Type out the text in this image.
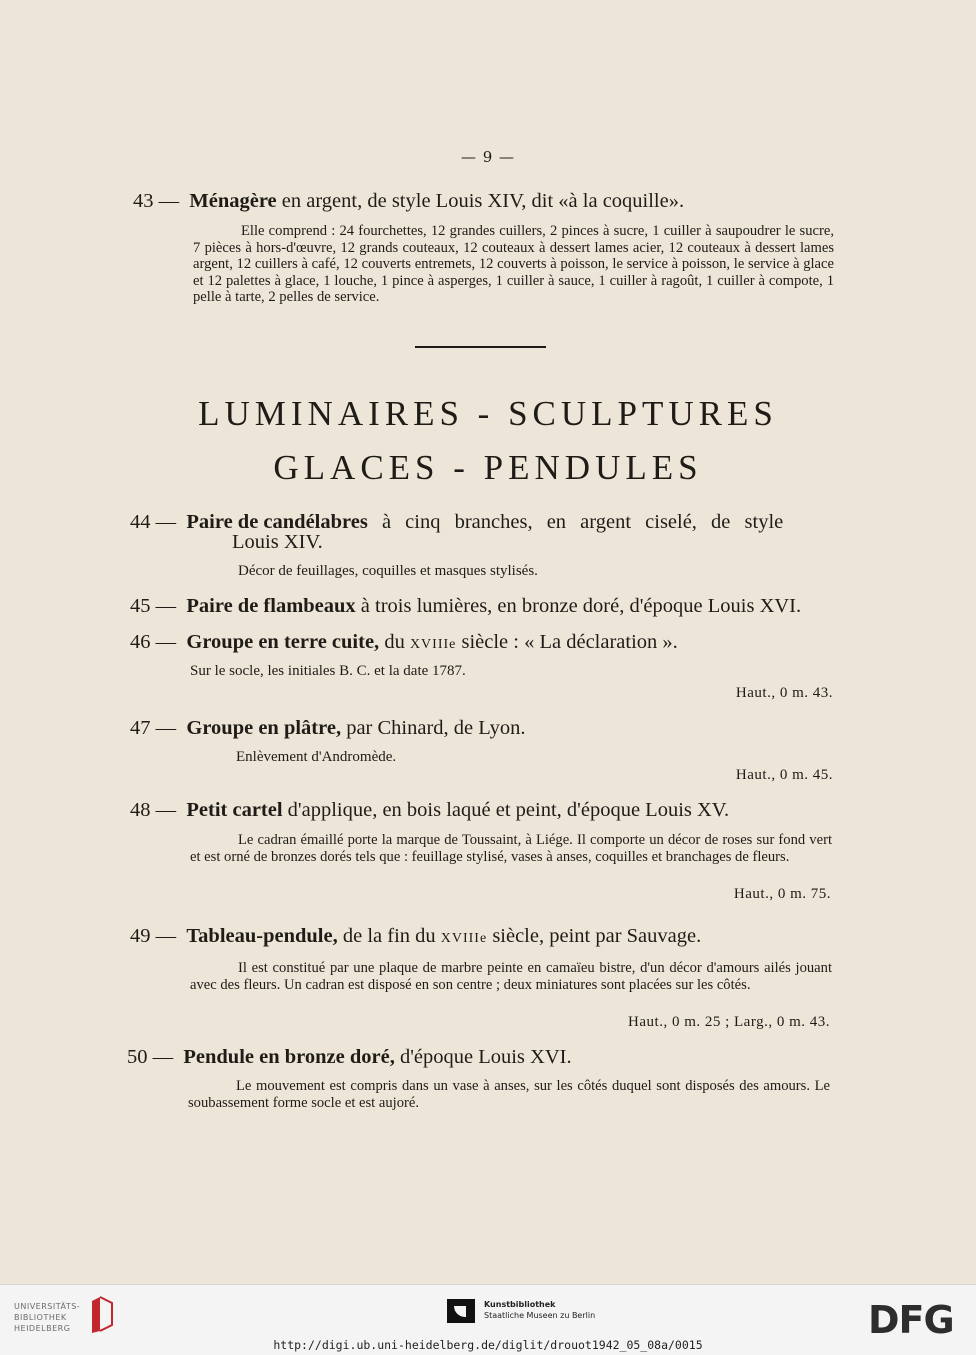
— 9 —
43 — Ménagère en argent, de style Louis XIV, dit «à la coquille».
Elle comprend : 24 fourchettes, 12 grandes cuillers, 2 pinces à sucre, 1 cuiller à saupoudrer le sucre, 7 pièces à hors-d'œuvre, 12 grands couteaux, 12 couteaux à dessert lames acier, 12 couteaux à dessert lames argent, 12 cuillers à café, 12 couverts entremets, 12 couverts à poisson, le service à poisson, le service à glace et 12 palettes à glace, 1 louche, 1 pince à asperges, 1 cuiller à sauce, 1 cuiller à ragoût, 1 cuiller à compote, 1 pelle à tarte, 2 pelles de service.
LUMINAIRES - SCULPTURES
GLACES - PENDULES
44 — Paire de candélabres à cinq branches, en argent ciselé, de style
Louis XIV.
Décor de feuillages, coquilles et masques stylisés.
45 — Paire de flambeaux à trois lumières, en bronze doré, d'époque Louis XVI.
46 — Groupe en terre cuite, du XVIIIe siècle : « La déclaration ».
Sur le socle, les initiales B. C. et la date 1787.
Haut., 0 m. 43.
47 — Groupe en plâtre, par Chinard, de Lyon.
Enlèvement d'Andromède.
Haut., 0 m. 45.
48 — Petit cartel d'applique, en bois laqué et peint, d'époque Louis XV.
Le cadran émaillé porte la marque de Toussaint, à Liége. Il comporte un décor de roses sur fond vert et est orné de bronzes dorés tels que : feuillage stylisé, vases à anses, coquilles et branchages de fleurs.
Haut., 0 m. 75.
49 — Tableau-pendule, de la fin du XVIIIe siècle, peint par Sauvage.
Il est constitué par une plaque de marbre peinte en camaïeu bistre, d'un décor d'amours ailés jouant avec des fleurs. Un cadran est disposé en son centre ; deux miniatures sont placées sur les côtés.
Haut., 0 m. 25 ; Larg., 0 m. 43.
50 — Pendule en bronze doré, d'époque Louis XVI.
Le mouvement est compris dans un vase à anses, sur les côtés duquel sont disposés des amours. Le soubassement forme socle et est aujoré.
UNIVERSITÄTS-
BIBLIOTHEK
HEIDELBERG
Kunstbibliothek
Staatliche Museen zu Berlin	DFG
http://digi.ub.uni-heidelberg.de/diglit/drouot1942_05_08a/0015
